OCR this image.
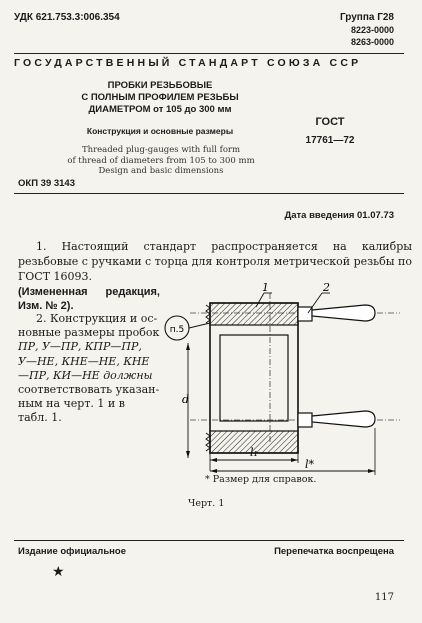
УДК 621.753.3:006.354	Группа Г28
8223-0000
8263-0000
ГОСУДАРСТВЕННЫЙ СТАНДАРТ СОЮЗА ССР
ПРОБКИ РЕЗЬБОВЫЕ
С ПОЛНЫМ ПРОФИЛЕМ РЕЗЬБЫ
ДИАМЕТРОМ от 105 до 300 мм
Конструкция и основные размеры
Threaded plug-gauges with full form
of thread of diameters from 105 to 300 mm
Design and basic dimensions
ГОСТ
17761—72
ОКП 39 3143
Дата введения 01.07.73

1. Настоящий стандарт распространяется на калибры резьбовые с ручками с торца для контроля метрической резьбы по ГОСТ 16093.

(Измененная редакция, Изм. № 2).

2. Конструкция и ос-
новные размеры пробок
ПР, У—ПР, КПР—ПР,
У—НЕ, КНЕ—НЕ, КНЕ
—ПР, КИ—НЕ должны
соответствовать указан-
ным на черт. 1 и в
табл. 1.
1	2
п.5
d
l₁
l*
* Размер для справок.
Черт. 1
Издание официальное	Перепечатка воспрещена
★
117
